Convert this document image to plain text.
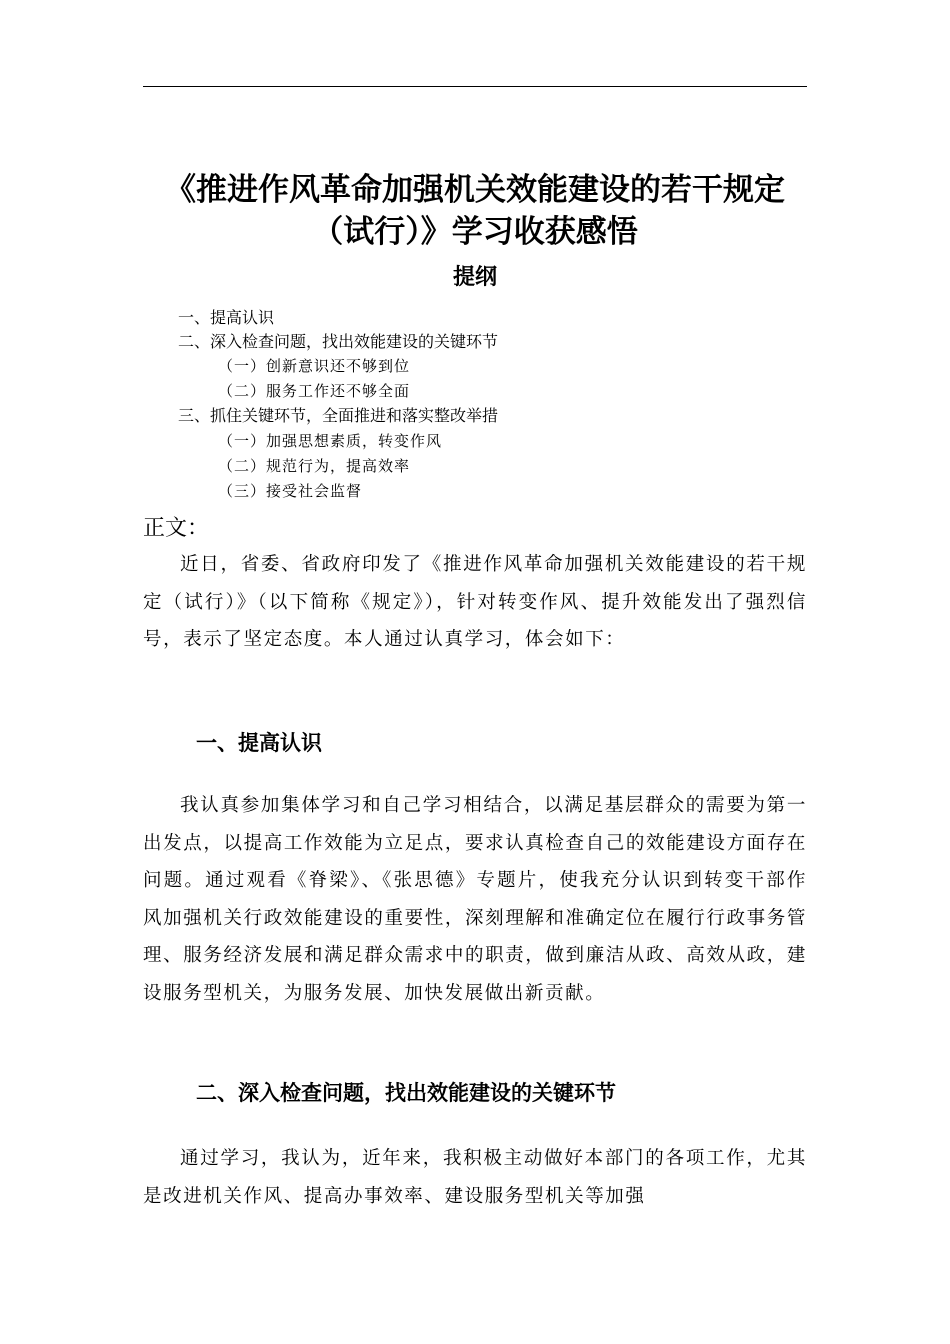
《推进作风革命加强机关效能建设的若干规定
（试行）》学习收获感悟
提纲
一、提高认识
二、深入检查问题，找出效能建设的关键环节
（一）创新意识还不够到位
（二）服务工作还不够全面
三、抓住关键环节，全面推进和落实整改举措
（一）加强思想素质，转变作风
（二）规范行为，提高效率
（三）接受社会监督
正文：

近日，省委、省政府印发了《推进作风革命加强机关效能建设的若干规定（试行）》（以下简称《规定》），针对转变作风、提升效能发出了强烈信号，表示了坚定态度。本人通过认真学习，体会如下：

一、提高认识

我认真参加集体学习和自己学习相结合，以满足基层群众的需要为第一出发点，以提高工作效能为立足点，要求认真检查自己的效能建设方面存在问题。通过观看《脊梁》、《张思德》专题片，使我充分认识到转变干部作风加强机关行政效能建设的重要性，深刻理解和准确定位在履行行政事务管理、服务经济发展和满足群众需求中的职责，做到廉洁从政、高效从政，建设服务型机关，为服务发展、加快发展做出新贡献。

二、深入检查问题，找出效能建设的关键环节

通过学习，我认为，近年来，我积极主动做好本部门的各项工作，尤其是改进机关作风、提高办事效率、建设服务型机关等加强
